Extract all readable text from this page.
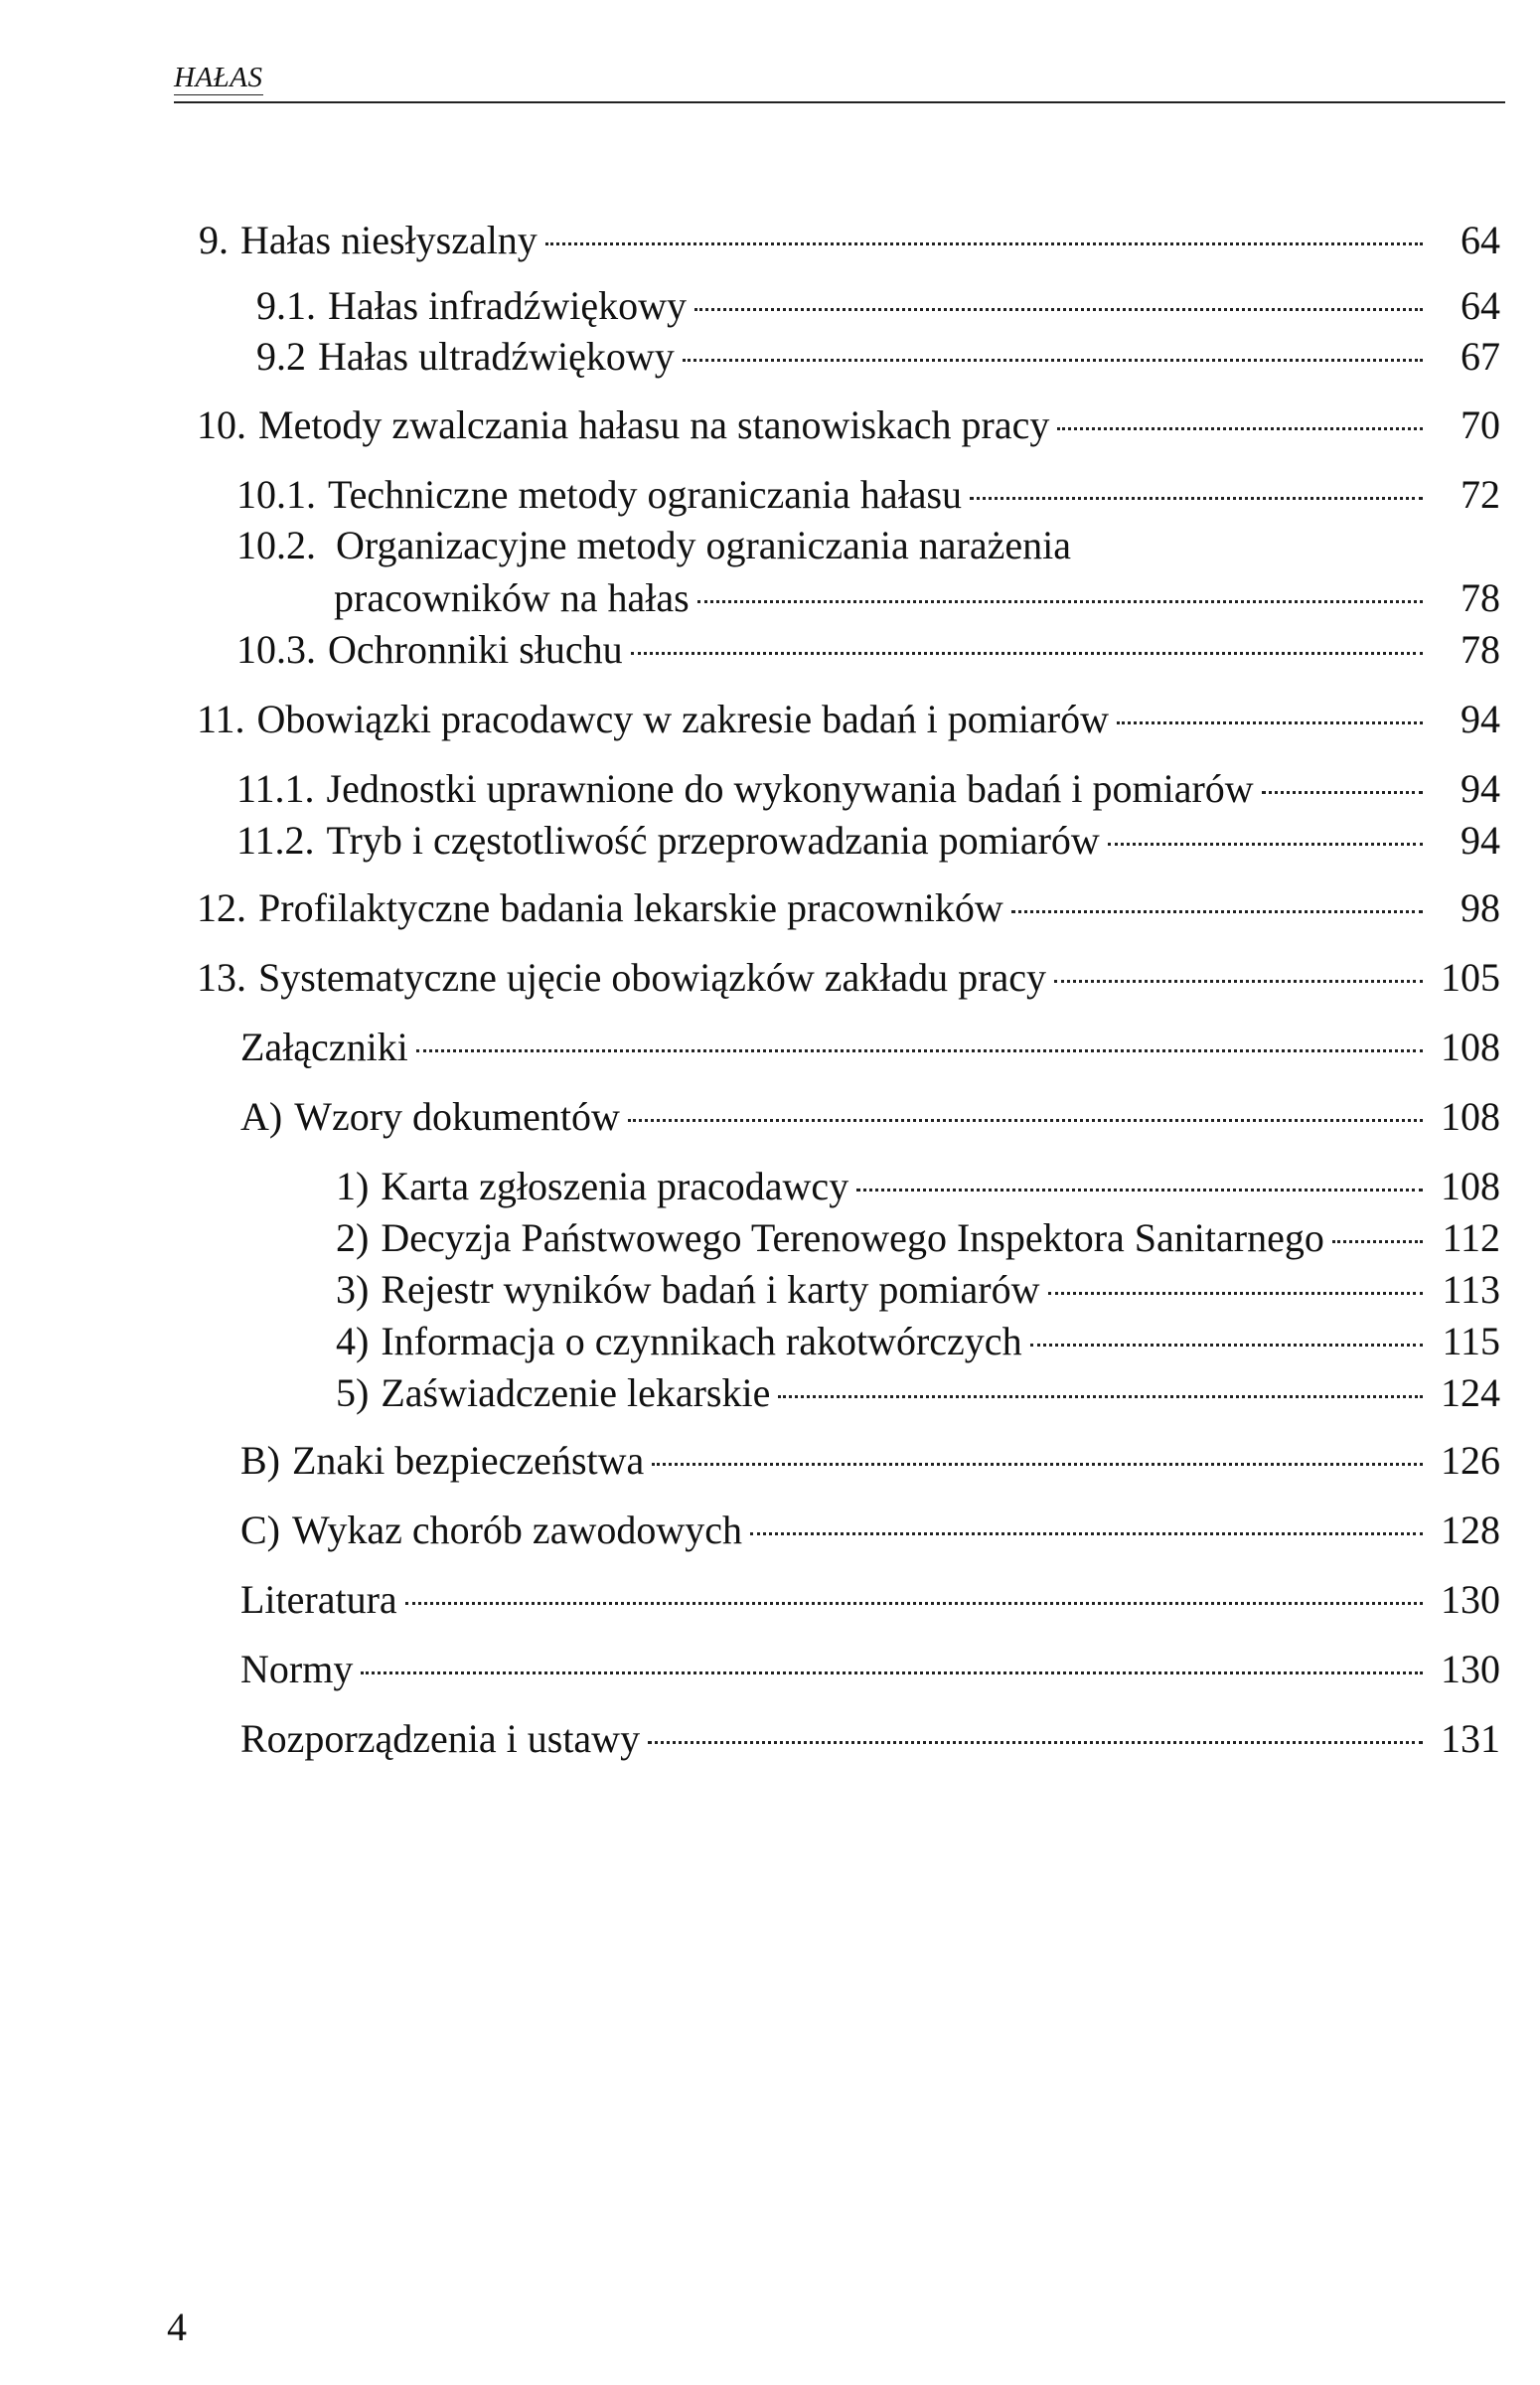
HAŁAS
9. Hałas niesłyszalny	64
9.1. Hałas infradźwiękowy	64
9.2 Hałas ultradźwiękowy	67
10. Metody zwalczania hałasu na stanowiskach pracy	70
10.1. Techniczne metody ograniczania hałasu	72
10.2. Organizacyjne metody ograniczania narażenia
pracowników na hałas	78
10.3. Ochronniki słuchu	78
11. Obowiązki pracodawcy w zakresie badań i pomiarów	94
11.1. Jednostki uprawnione do wykonywania badań i pomiarów	94
11.2. Tryb i częstotliwość przeprowadzania pomiarów	94
12. Profilaktyczne badania lekarskie pracowników	98
13. Systematyczne ujęcie obowiązków zakładu pracy	105
Załączniki	108
A) Wzory dokumentów	108
1) Karta zgłoszenia pracodawcy	108
2) Decyzja Państwowego Terenowego Inspektora Sanitarnego	112
3) Rejestr wyników badań i karty pomiarów	113
4) Informacja o czynnikach rakotwórczych	115
5) Zaświadczenie lekarskie	124
B) Znaki bezpieczeństwa	126
C) Wykaz chorób zawodowych	128
Literatura	130
Normy	130
Rozporządzenia i ustawy	131
4
